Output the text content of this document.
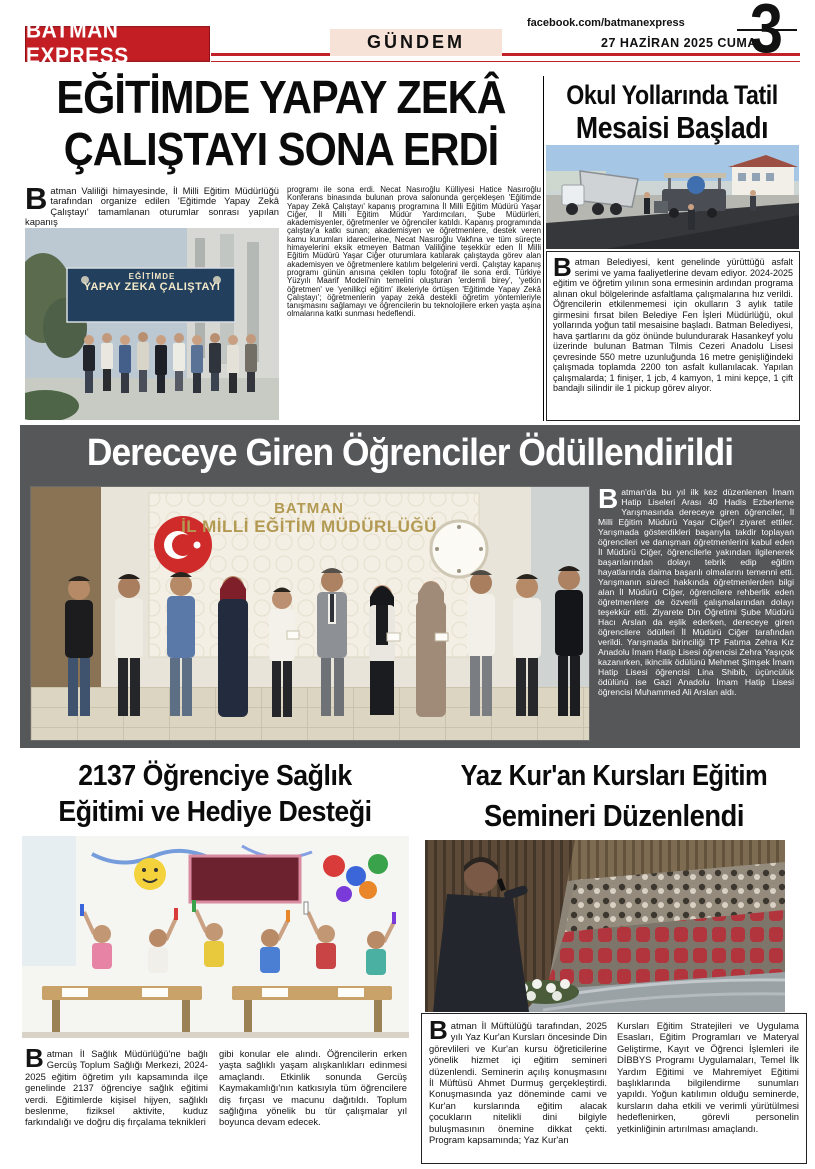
BATMAN EXPRESS
GÜNDEM
facebook.com/batmanexpress
27 HAZİRAN 2025 CUMA
3
EĞİTİMDE YAPAY ZEKÂ
ÇALIŞTAYI SONA ERDİ
Batman Valiliği himayesinde, İl Milli Eğitim Müdürlüğü tarafından organize edilen 'Eğitimde Yapay Zekâ Çalıştayı' tamamlanan oturumlar sonrası yapılan kapanış
EĞİTİMDE
YAPAY ZEKA ÇALIŞTAYI
programı ile sona erdi. Necat Nasıroğlu Külliyesi Hatice Nasıroğlu Konferans binasında bulunan prova salonunda gerçekleşen 'Eğitimde Yapay Zekâ Çalıştayı' kapanış programına İl Milli Eğitim Müdürü Yaşar Ciğer, İl Milli Eğitim Müdür Yardımcıları, Şube Müdürleri, akademisyenler, öğretmenler ve öğrenciler katıldı. Kapanış programında çalıştay'a katkı sunan; akademisyen ve öğretmenlere, destek veren kamu kurumları idarecilerine, Necat Nasıroğlu Vakfına ve tüm süreçte himayelerini eksik etmeyen Batman Valiliğine teşekkür eden İl Milli Eğitim Müdürü Yaşar Ciğer oturumlara katılarak çalıştayda görev alan akademisyen ve öğretmenlere katılım belgelerini verdi. Çalıştay kapanış programı günün anısına çekilen toplu fotoğraf ile sona erdi. Türkiye Yüzyılı Maarif Modeli'nin temelini oluşturan 'erdemli birey', 'yetkin öğretmen' ve 'yenilikçi eğitim' ilkeleriyle örtüşen 'Eğitimde Yapay Zekâ Çalıştayı'; öğretmenlerin yapay zekâ destekli öğretim yöntemleriyle tanışmasını sağlamayı ve öğrencilerin bu teknolojilere erken yaşta aşina olmalarına katkı sunması hedeflendi.
Okul Yollarında Tatil
Mesaisi Başladı
Batman Belediyesi, kent genelinde yürüttüğü asfalt serimi ve yama faaliyetlerine devam ediyor. 2024-2025 eğitim ve öğretim yılının sona ermesinin ardından programa alınan okul bölgelerinde asfaltlama çalışmalarına hız verildi. Öğrencilerin etkilenmemesi için okulların 3 aylık tatile girmesini fırsat bilen Belediye Fen İşleri Müdürlüğü, okul yollarında yoğun tatil mesaisine başladı. Batman Belediyesi, hava şartlarını da göz önünde bulundurarak Hasankeyf yolu üzerinde bulunan Batman Tilmis Cezeri Anadolu Lisesi çevresinde 550 metre uzunluğunda 16 metre genişliğindeki çalışmada toplamda 2200 ton asfalt kullanılacak. Yapılan çalışmalarda; 1 finişer, 1 jcb, 4 kamyon, 1 mini kepçe, 1 çift bandajlı silindir ile 1 pickup görev alıyor.
Dereceye Giren Öğrenciler Ödüllendirildi
BATMAN
İL MİLLİ EĞİTİM MÜDÜRLÜĞÜ
Batman'da bu yıl ilk kez düzenlenen İmam Hatip Liseleri Arası 40 Hadis Ezberleme Yarışmasında dereceye giren öğrenciler, İl Milli Eğitim Müdürü Yaşar Ciğer'i ziyaret ettiler. Yarışmada gösterdikleri başarıyla takdir toplayan öğrencileri ve danışman öğretmenlerini kabul eden İl Müdürü Ciğer, öğrencilerle yakından ilgilenerek başarılarından dolayı tebrik edip eğitim hayatlarında daima başarılı olmalarını temenni etti. Yarışmanın süreci hakkında öğretmenlerden bilgi alan İl Müdürü Ciğer, öğrencilere rehberlik eden öğretmenlere de özverili çalışmalarından dolayı teşekkür etti. Ziyarete Din Öğretimi Şube Müdürü Hacı Arslan da eşlik ederken, dereceye giren öğrencilere ödülleri İl Müdürü Ciğer tarafından verildi. Yarışmada birinciliği TP Fatıma Zehra Kız Anadolu İmam Hatip Lisesi öğrencisi Zehra Yaşıçok kazanırken, ikincilik ödülünü Mehmet Şimşek İmam Hatip Lisesi öğrencisi Lina Shibib, üçüncülük ödülünü ise Gazi Anadolu İmam Hatip Lisesi öğrencisi Muhammed Ali Arslan aldı.
2137 Öğrenciye Sağlık
Eğitimi ve Hediye Desteği
Batman İl Sağlık Müdürlüğü'ne bağlı Gercüş Toplum Sağlığı Merkezi, 2024-2025 eğitim öğretim yılı kapsamında ilçe genelinde 2137 öğrenciye sağlık eğitimi verdi. Eğitimlerde kişisel hijyen, sağlıklı beslenme, fiziksel aktivite, kuduz farkındalığı ve doğru diş fırçalama teknikleri
gibi konular ele alındı. Öğrencilerin erken yaşta sağlıklı yaşam alışkanlıkları edinmesi amaçlandı. Etkinlik sonunda Gercüş Kaymakamlığı'nın katkısıyla tüm öğrencilere diş fırçası ve macunu dağıtıldı. Toplum sağlığına yönelik bu tür çalışmalar yıl boyunca devam edecek.
Yaz Kur'an Kursları Eğitim
Semineri Düzenlendi
Batman İl Müftülüğü tarafından, 2025 yılı Yaz Kur'an Kursları öncesinde Din görevlileri ve Kur'an kursu öğreticilerine yönelik hizmet içi eğitim semineri düzenlendi. Seminerin açılış konuşmasını İl Müftüsü Ahmet Durmuş gerçekleştirdi. Konuşmasında yaz döneminde cami ve Kur'an kurslarında eğitim alacak çocukların nitelikli dini bilgiyle buluşmasının önemine dikkat çekti. Program kapsamında; Yaz Kur'an
Kursları Eğitim Stratejileri ve Uygulama Esasları, Eğitim Programları ve Materyal Geliştirme, Kayıt ve Öğrenci İşlemleri ile DİBBYS Programı Uygulamaları, Temel İlk Yardım Eğitimi ve Mahremiyet Eğitimi başlıklarında bilgilendirme sunumları yapıldı. Yoğun katılımın olduğu seminerde, kursların daha etkili ve verimli yürütülmesi hedeflenirken, görevli personelin yetkinliğinin artırılması amaçlandı.
